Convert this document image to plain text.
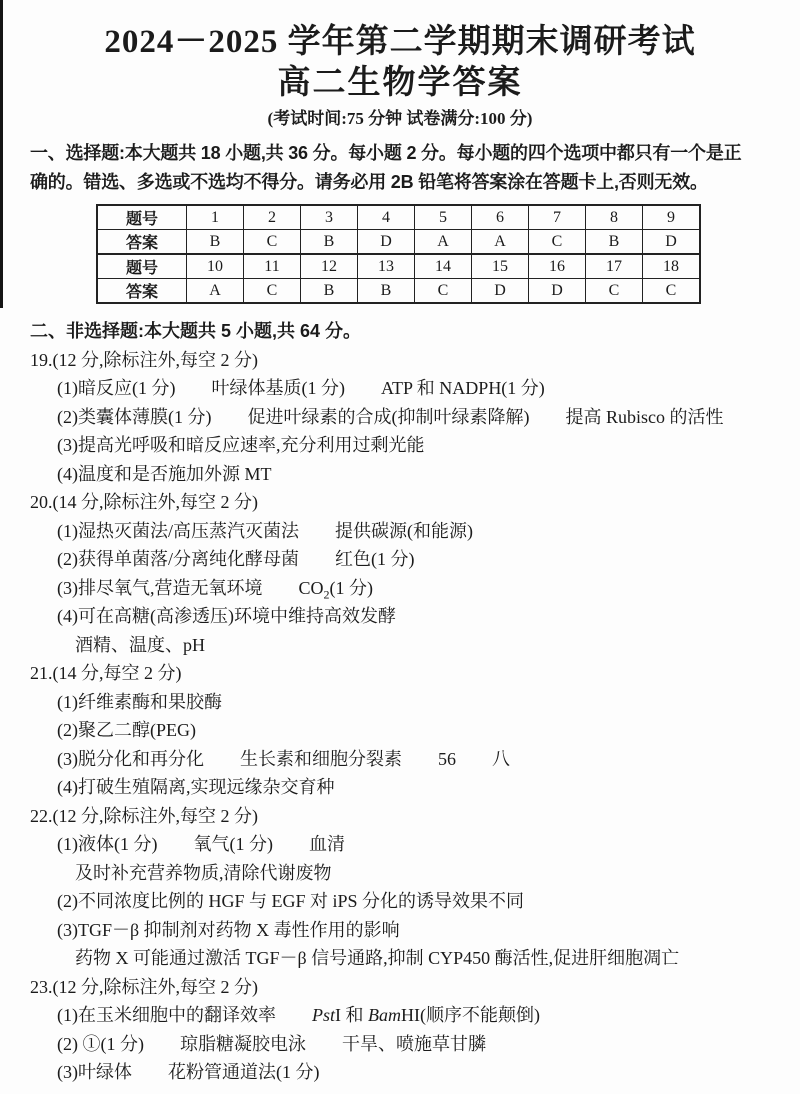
2024－2025 学年第二学期期末调研考试
高二生物学答案
(考试时间:75 分钟 试卷满分:100 分)
一、选择题:本大题共 18 小题,共 36 分。每小题 2 分。每小题的四个选项中都只有一个是正
确的。错选、多选或不选均不得分。请务必用 2B 铅笔将答案涂在答题卡上,否则无效。
题号	1	2	3	4	5	6	7	8	9
答案	B	C	B	D	A	A	C	B	D
题号	10	11	12	13	14	15	16	17	18
答案	A	C	B	B	C	D	D	C	C
二、非选择题:本大题共 5 小题,共 64 分。
19.(12 分,除标注外,每空 2 分)
(1)暗反应(1 分)　　叶绿体基质(1 分)　　ATP 和 NADPH(1 分)
(2)类囊体薄膜(1 分)　　促进叶绿素的合成(抑制叶绿素降解)　　提高 Rubisco 的活性
(3)提高光呼吸和暗反应速率,充分利用过剩光能
(4)温度和是否施加外源 MT
20.(14 分,除标注外,每空 2 分)
(1)湿热灭菌法/高压蒸汽灭菌法　　提供碳源(和能源)
(2)获得单菌落/分离纯化酵母菌　　红色(1 分)
(3)排尽氧气,营造无氧环境　　$CO_2(1$ 分)
(4)可在高糖(高渗透压)环境中维持高效发酵
酒精、温度、pH
21.(14 分,每空 2 分)
(1)纤维素酶和果胶酶
(2)聚乙二醇(PEG)
(3)脱分化和再分化　　生长素和细胞分裂素　　56　　八
(4)打破生殖隔离,实现远缘杂交育种
22.(12 分,除标注外,每空 2 分)
(1)液体(1 分)　　氧气(1 分)　　血清
及时补充营养物质,清除代谢废物
(2)不同浓度比例的 HGF 与 EGF 对 iPS 分化的诱导效果不同
(3)TGF－β 抑制剂对药物 X 毒性作用的影响
药物 X 可能通过激活 TGF－β 信号通路,抑制 CYP450 酶活性,促进肝细胞凋亡
23.(12 分,除标注外,每空 2 分)
(1)在玉米细胞中的翻译效率　　PstI 和 BamHI(顺序不能颠倒)
(2) ①(1 分)　　琼脂糖凝胶电泳　　干旱、喷施草甘膦
(3)叶绿体　　花粉管通道法(1 分)
